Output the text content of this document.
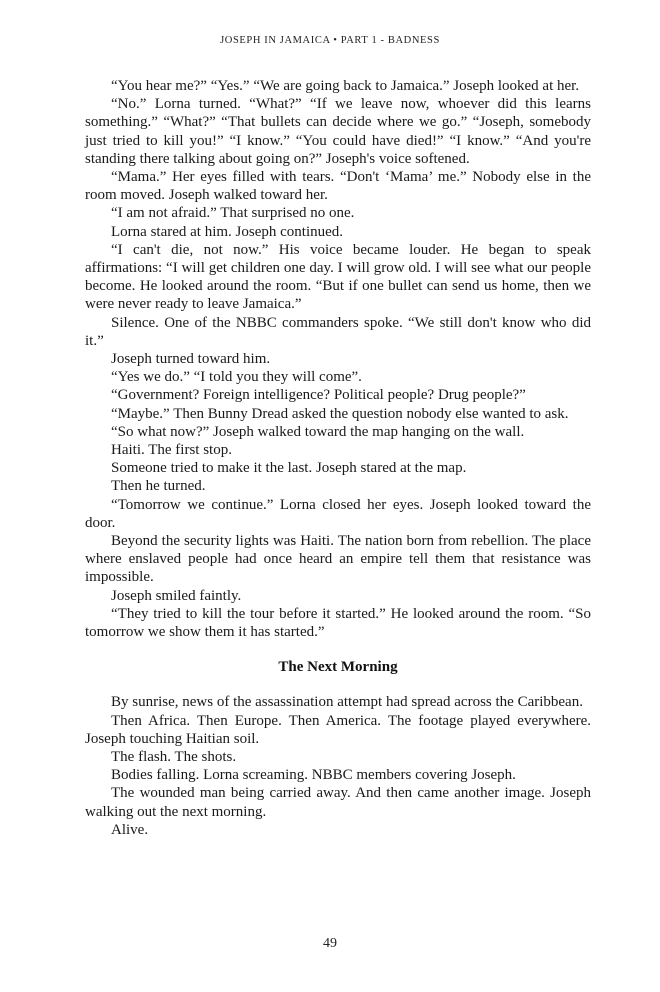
JOSEPH IN JAMAICA • PART 1 - BADNESS

“You hear me?” “Yes.” “We are going back to Jamaica.” Joseph looked at her.

“No.” Lorna turned. “What?” “If we leave now, whoever did this learns something.” “What?” “That bullets can decide where we go.” “Joseph, somebody just tried to kill you!” “I know.” “You could have died!” “I know.” “And you're standing there talking about going on?” Joseph's voice softened.

“Mama.” Her eyes filled with tears. “Don't ‘Mama’ me.” Nobody else in the room moved. Joseph walked toward her.

“I am not afraid.” That surprised no one.

Lorna stared at him. Joseph continued.

“I can't die, not now.” His voice became louder. He began to speak affirmations: “I will get children one day. I will grow old. I will see what our people become. He looked around the room. “But if one bullet can send us home, then we were never ready to leave Jamaica.”

Silence. One of the NBBC commanders spoke. “We still don't know who did it.”

Joseph turned toward him.

“Yes we do.” “I told you they will come”.

“Government? Foreign intelligence? Political people? Drug people?”

“Maybe.” Then Bunny Dread asked the question nobody else wanted to ask.

“So what now?” Joseph walked toward the map hanging on the wall.

Haiti. The first stop.

Someone tried to make it the last. Joseph stared at the map.

Then he turned.

“Tomorrow we continue.” Lorna closed her eyes. Joseph looked toward the door.

Beyond the security lights was Haiti. The nation born from rebellion. The place where enslaved people had once heard an empire tell them that resistance was impossible.

Joseph smiled faintly.

“They tried to kill the tour before it started.” He looked around the room. “So tomorrow we show them it has started.”

The Next Morning

By sunrise, news of the assassination attempt had spread across the Caribbean.

Then Africa. Then Europe. Then America. The footage played everywhere. Joseph touching Haitian soil.

The flash. The shots.

Bodies falling. Lorna screaming. NBBC members covering Joseph.

The wounded man being carried away. And then came another image. Joseph walking out the next morning.

Alive.

49
